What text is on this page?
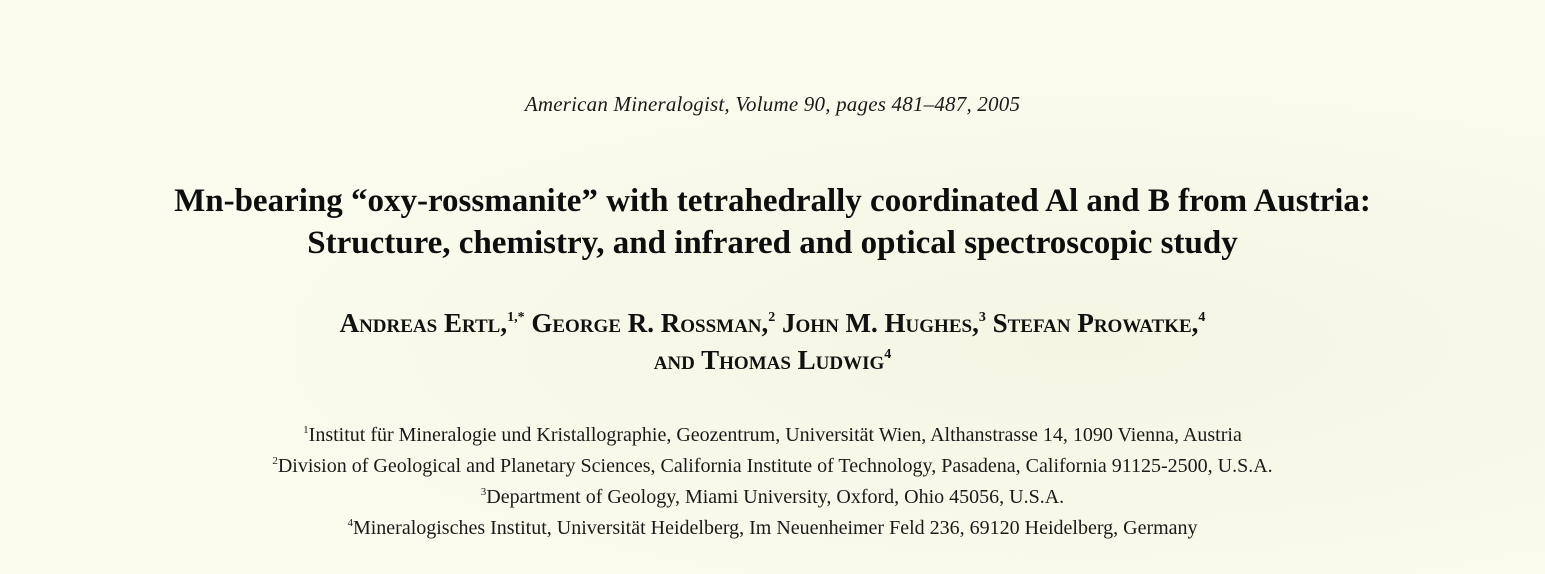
American Mineralogist, Volume 90, pages 481–487, 2005
Mn-bearing “oxy-rossmanite” with tetrahedrally coordinated Al and B from Austria:
Structure, chemistry, and infrared and optical spectroscopic study
Andreas Ertl,$^{1,*}$ George R. Rossman,$^2$ John M. Hughes,$^3$ Stefan Prowatke,$^4$
and Thomas Ludwig$^4$
$^1$Institut für Mineralogie und Kristallographie, Geozentrum, Universität Wien, Althanstrasse 14, 1090 Vienna, Austria
$^2$Division of Geological and Planetary Sciences, California Institute of Technology, Pasadena, California 91125-2500, U.S.A.
$^3$Department of Geology, Miami University, Oxford, Ohio 45056, U.S.A.
$^4$Mineralogisches Institut, Universität Heidelberg, Im Neuenheimer Feld 236, 69120 Heidelberg, Germany
